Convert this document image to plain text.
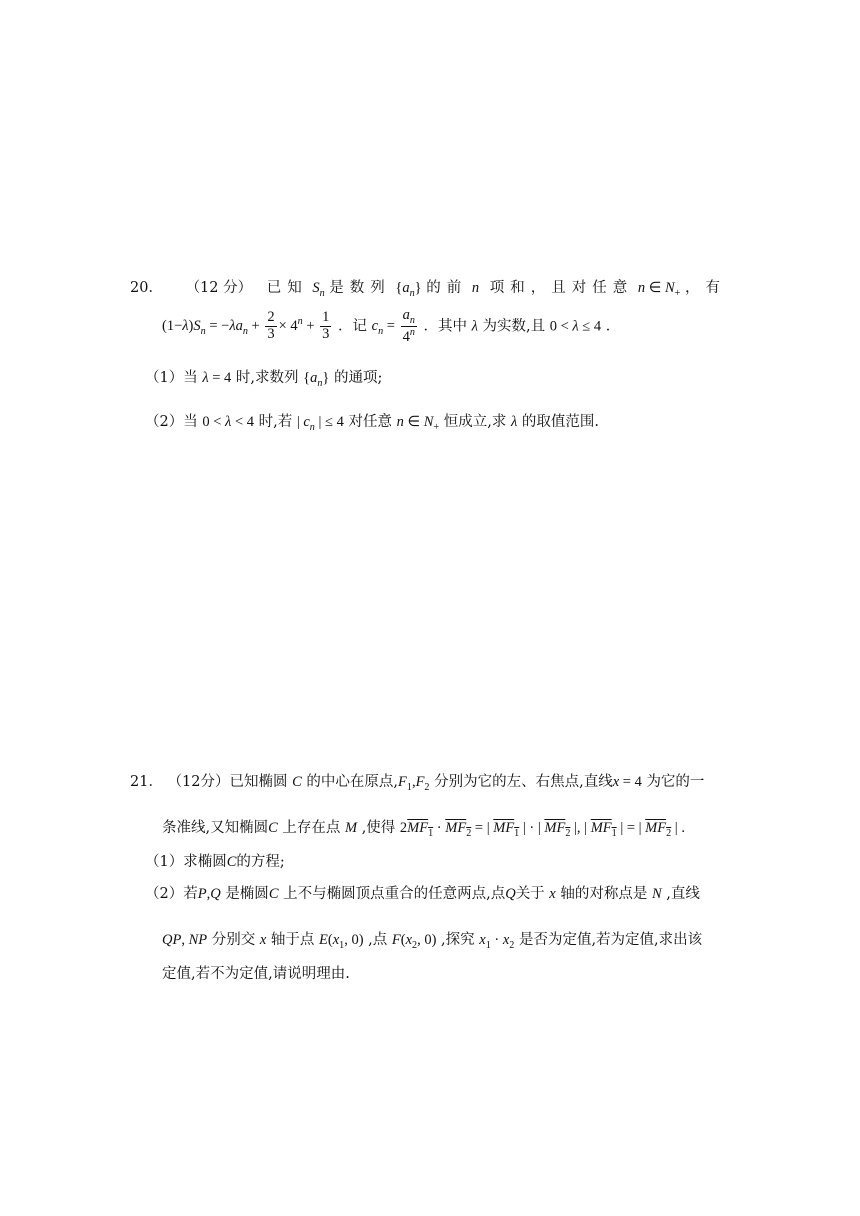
20． （12 分） 已知 $S_n$ 是数列 $\{a_n\}$ 的前 n 项和，且对任意 n ∈ $N_+$ ，有
$(1-\lambda)S_n = -\lambda a_n + \frac{2}{3} \times 4^n + \frac{1}{3}$ ．记 $c_n = \frac{a_n}{4^n}$ ．其中 λ 为实数,且 0 < λ ≤ 4 ．
（1）当 λ = 4 时,求数列 $\{a_n\}$ 的通项;
（2）当 0 < λ < 4 时,若 | $c_n$ | ≤ 4 对任意 n ∈ $N_+$ 恒成立,求 λ 的取值范围.
21． （12分）已知椭圆 C 的中心在原点$,F_1,F_2$ 分别为它的左、右焦点,直线x = 4 为它的一
条准线,又知椭圆C 上存在点 M ,使得 $2MF_1 \cdot MF_2$ = | $MF_1$ | · | $MF_2$ |, | $MF_1$ | = | $MF_2$ | .
（1）求椭圆C的方程;
（2）若P,Q 是椭圆C 上不与椭圆顶点重合的任意两点,点Q关于 x 轴的对称点是 N ,直线
QP, NP 分别交 x 轴于点 $E(x_1$, 0) ,点 $F(x_2$, 0) ,探究 $x_1 \cdot x_2$ 是否为定值,若为定值,求出该
定值,若不为定值,请说明理由.
